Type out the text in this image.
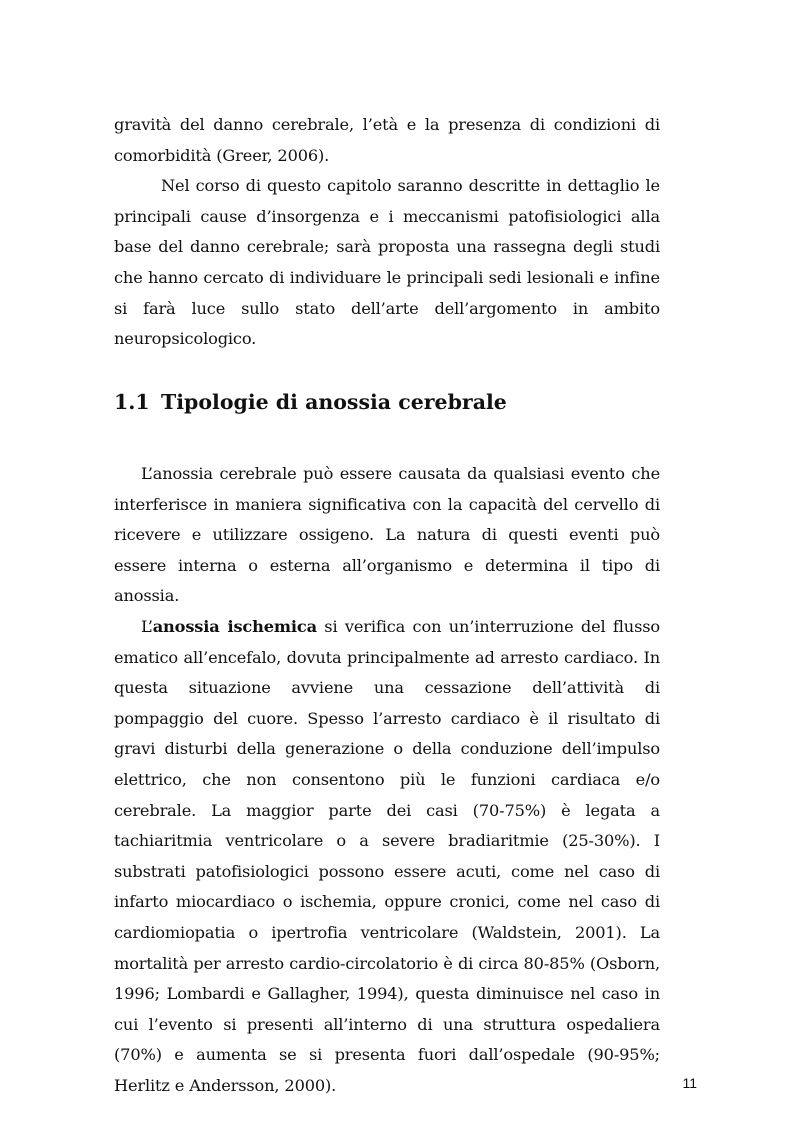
gravità del danno cerebrale, l’età e la presenza di condizioni di comorbidità (Greer, 2006).

Nel corso di questo capitolo saranno descritte in dettaglio le principali cause d’insorgenza e i meccanismi patofisiologici alla base del danno cerebrale; sarà proposta una rassegna degli studi che hanno cercato di individuare le principali sedi lesionali e infine si farà luce sullo stato dell’arte dell’argomento in ambito neuropsicologico.

1.1 Tipologie di anossia cerebrale

L’anossia cerebrale può essere causata da qualsiasi evento che interferisce in maniera significativa con la capacità del cervello di ricevere e utilizzare ossigeno. La natura di questi eventi può essere interna o esterna all’organismo e determina il tipo di anossia.

L’anossia ischemica si verifica con un’interruzione del flusso ematico all’encefalo, dovuta principalmente ad arresto cardiaco. In questa situazione avviene una cessazione dell’attività di pompaggio del cuore. Spesso l’arresto cardiaco è il risultato di gravi disturbi della generazione o della conduzione dell’impulso elettrico, che non consentono più le funzioni cardiaca e/o cerebrale. La maggior parte dei casi (70-75%) è legata a tachiaritmia ventricolare o a severe bradiaritmie (25-30%). I substrati patofisiologici possono essere acuti, come nel caso di infarto miocardiaco o ischemia, oppure cronici, come nel caso di cardiomiopatia o ipertrofia ventricolare (Waldstein, 2001). La mortalità per arresto cardio-circolatorio è di circa 80-85% (Osborn, 1996; Lombardi e Gallagher, 1994), questa diminuisce nel caso in cui l’evento si presenti all’interno di una struttura ospedaliera (70%) e aumenta se si presenta fuori dall’ospedale (90-95%; Herlitz e Andersson, 2000).	11
